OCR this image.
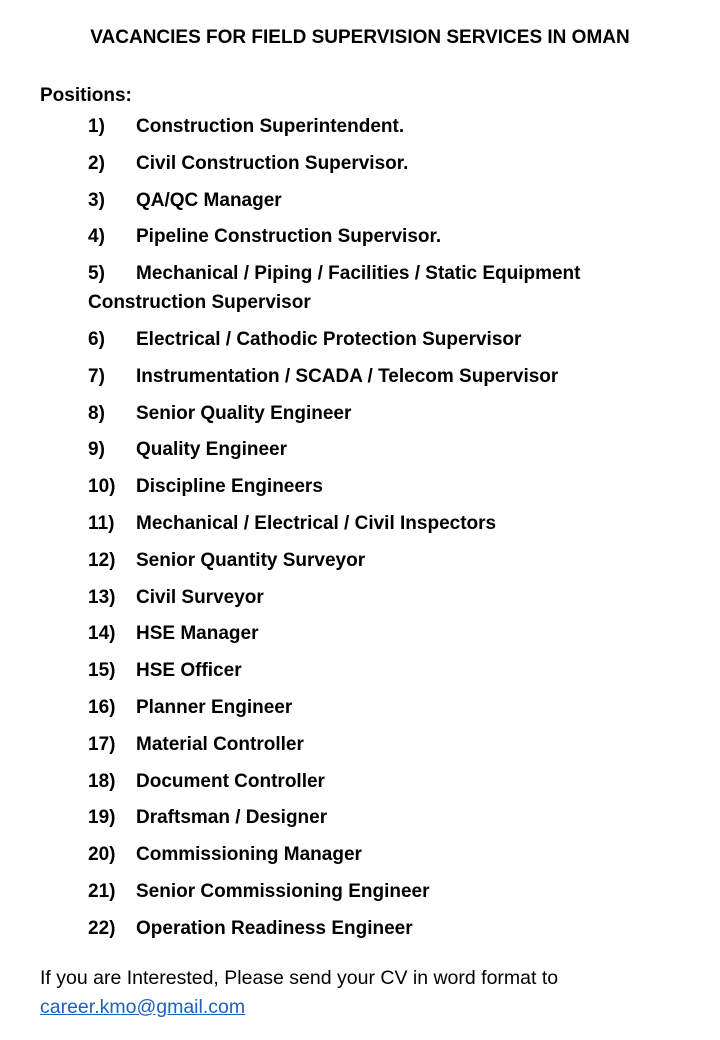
VACANCIES FOR FIELD SUPERVISION SERVICES IN OMAN
Positions:
1) Construction Superintendent.
2) Civil Construction Supervisor.
3) QA/QC Manager
4) Pipeline Construction Supervisor.
5) Mechanical / Piping / Facilities / Static Equipment Construction Supervisor
6) Electrical / Cathodic Protection Supervisor
7) Instrumentation / SCADA / Telecom Supervisor
8) Senior Quality Engineer
9) Quality Engineer
10) Discipline Engineers
11) Mechanical / Electrical / Civil Inspectors
12) Senior Quantity Surveyor
13) Civil Surveyor
14) HSE Manager
15) HSE Officer
16) Planner Engineer
17) Material Controller
18) Document Controller
19) Draftsman / Designer
20) Commissioning Manager
21) Senior Commissioning Engineer
22) Operation Readiness Engineer
If you are Interested, Please send your CV in word format to
career.kmo@gmail.com
